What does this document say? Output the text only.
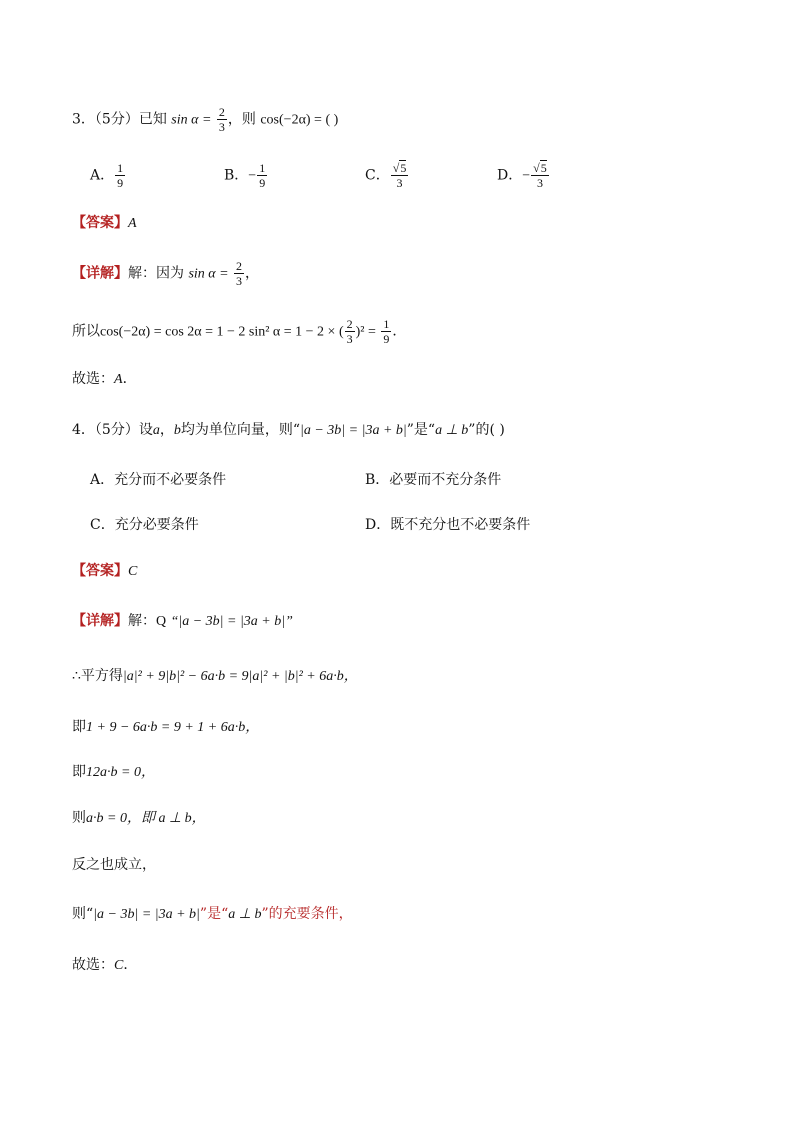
3．（5分）已知 $\sin \alpha = \frac{2}{3}$ ，则 cos(−2α) = ( )
A． $\frac{1}{9}$	B．− $\frac{1}{9}$	C． $\frac{√5}{3}$	D．− $\frac{√5}{3}$
【答案】A
【详解】解：因为 $\sin \alpha = \frac{2}{3}$ ，
所以cos(−2α) = cos 2α = 1 − 2 sin² α = 1 − 2 × ( $\frac{2}{3} )^2 = \frac{1}{9}$ ．
故选：A．
4．（5分）设a，b均为单位向量，则“|a − 3b| = |3a + b|”是“a ⊥ b”的( )
A．充分而不必要条件	B．必要而不充分条件
C．充分必要条件	D．既不充分也不必要条件
【答案】C
【详解】解：Q “|a − 3b| = |3a + b|”
∴平方得|a|² + 9|b|² − 6a·b = 9|a|² + |b|² + 6a·b，
即1 + 9 − 6a·b = 9 + 1 + 6a·b，
即12a·b = 0，
则a·b = 0，即 a ⊥ b，
反之也成立，
则“|a − 3b| = |3a + b|”是“a ⊥ b”的充要条件，
故选：C．
